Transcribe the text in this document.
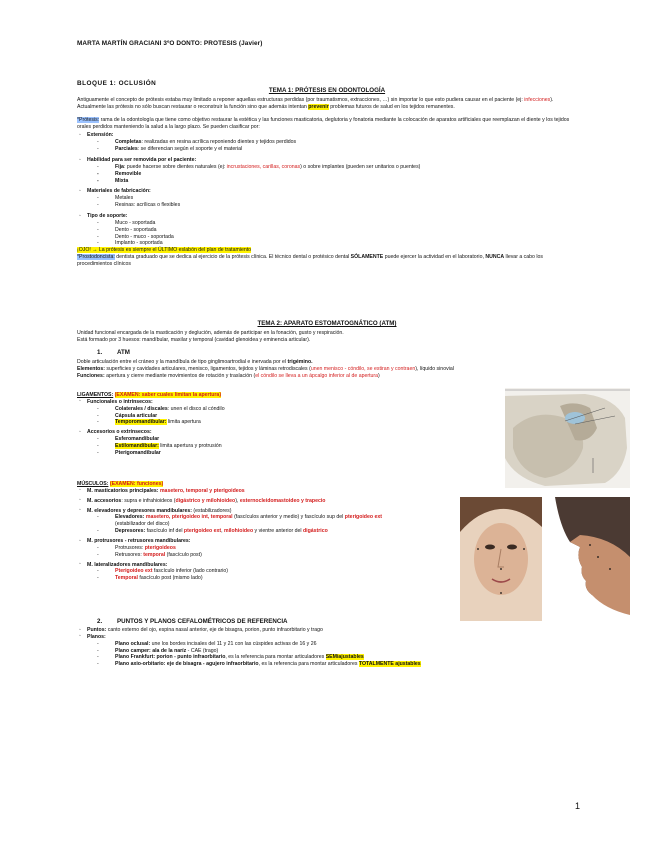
MARTA MARTÍN GRACIANI 3ºO DONTO: PROTESIS (Javier)
BLOQUE 1: OCLUSIÓN
TEMA 1: PRÓTESIS EN ODONTOLOGÍA
Antiguamente el concepto de prótesis estaba muy limitado a reponer aquellas estructuras perdidas (por traumatismos, extracciones, …) sin importar lo que esto pudiera causar en el paciente (ej: infecciones). Actualmente las prótesis no sólo buscan restaurar o reconstruir la función sino que además intentan prevenir problemas futuros de salud en los tejidos remanentes.
*Prótesis: rama de la odontología que tiene como objetivo restaurar la estética y las funciones masticatoria, deglutoria y fonatoria mediante la colocación de aparatos artificiales que reemplazan el diente y los tejidos orales perdidos manteniendo la salud a la largo plazo. Se pueden clasificar por:
◦ Extensión:
- Completas: realizadas en resina acrílica reponiendo dientes y tejidos perdidos
- Parciales: se diferencian según el soporte y el material
◦ Habilidad para ser removida por el paciente:
- Fija: puede hacerse sobre dientes naturales (ej: incrustaciones, carillas, coronas) o sobre implantes (pueden ser unitarios o puentes)
- Removible
- Mixta
◦ Materiales de fabricación:
- Metales
- Resinas: acrílicas o flexibles
◦ Tipo de soporte:
- Muco - soportada
- Dento - soportada
- Dento - muco - soportada
- Implanto - soportada
¡OJO! → La prótesis es siempre el ÚLTIMO eslabón del plan de tratamiento
*Prostodoncista: dentista graduado que se dedica al ejercicio de la prótesis clínica. El técnico dental o protésico dental SÓLAMENTE puede ejercer la actividad en el laboratorio, NUNCA llevar a cabo los procedimientos clínicos
TEMA 2: APARATO ESTOMATOGNÁTICO (ATM)
Unidad funcional encargada de la masticación y deglución, además de participar en la fonación, gusto y respiración.
Está formado por 3 huesos: mandíbular, maxilar y temporal (cavidad glenoidea y eminencia articular).
1. ATM
Doble articulación entre el cráneo y la mandíbula de tipo ginglimoartrodial e inervada por el trigémino.
Elementos: superficies y cavidades articulares, menisco, ligamentos, tejidos y láminas retrodiscales (unen menisco - cóndilo, se estiran y contraen), líquido sinovial
Funciones: apertura y cierre mediante movimientos de rotación y traslación (el cóndilo se lleva a un ápcalgo inferior al de apertura)
LIGAMENTOS: (EXAMEN: saber cuales limitan la apertura)
◦ Funcionales o intrínsecos:
- Colaterales / discales: unen el disco al cóndilo
- Cápsula articular
- Temporomandibular: limita apertura
◦ Accesorios o extrínsecos:
- Esferomandibular
- Estilomandibular: limita apertura y protrusión
- Pterigomandibular
MÚSCULOS: (EXAMEN: funciones)
◦ M. masticatorios principales: masetero, temporal y pterigoideos
◦ M. accesorios: supra e infrahioideos (digástrico y milohioideo), esternocleidomastoideo y trapecio
◦ M. elevadores y depresores mandibulares: (estabilizadores)
- Elevadores: masetero, pterigoideo int, temporal (fascículos anterior y medio) y fascículo sup del pterigoideo ext
(estabilizador del disco)
- Depresores: fascículo inf del pterigoideo ext, milohioideo y vientre anterior del digástrico
◦ M. protrusores - retrusores mandibulares:
- Protrusores: pterigoideos
- Retrusores: temporal (fascículo post)
◦ M. lateralizadores mandibulares:
- Pterigoideo ext fascículo inferior (lado contrario)
- Temporal fascículo post (mismo lado)
2. PUNTOS Y PLANOS CEFALOMÉTRICOS DE REFERENCIA
◦ Puntos: canto externo del ojo, espina nasal anterior, eje de bisagra, porion, punto infraorbitario y trago
◦ Planos:
- Plano oclusal: une los bordes incisales del 11 y 21 con las cúspides activas de 16 y 26
- Plano camper: ala de la naríz - CAE (trago)
- Plano Frankfurt: porion - punto infraorbitario, es la referencia para montar articuladores SEMiajustables
- Plano axio-orbitario: eje de bisagra - agujero infraorbitario, es la referencia para montar articuladores TOTALMENTE ajustables
1
